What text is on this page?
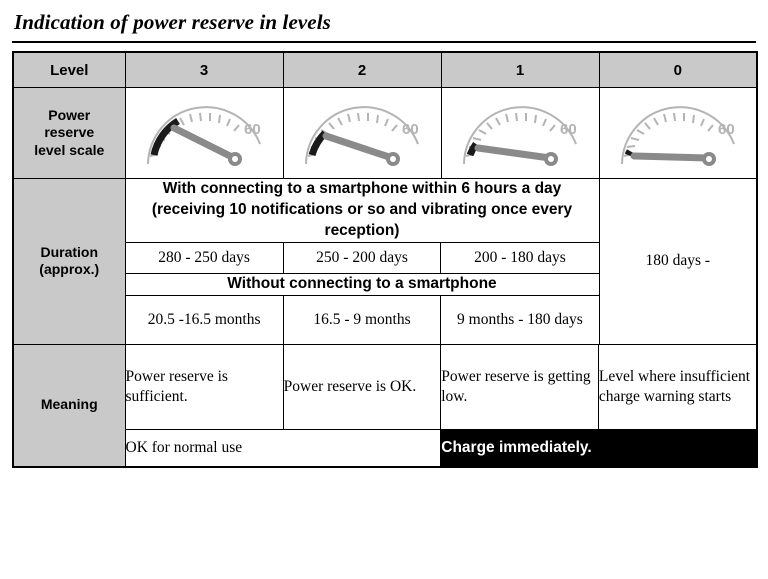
Indication of power reserve in levels
Level	3	2	1	0

Power
reserve
level scale

60	60	60	60

Duration
(approx.)

With connecting to a smartphone within 6 hours a day (receiving 10 notifications or so and vibrating once every reception)
280 - 250 days	250 - 200 days	200 - 180 days
Without connecting to a smartphone
20.5 -16.5 months	16.5 - 9 months	9 months - 180 days
	180 days -
Meaning	
Power reserve is sufficient.	Power reserve is OK.	Power reserve is getting low.	Level where insufficient charge warning starts
OK for normal use	Charge immediately.
